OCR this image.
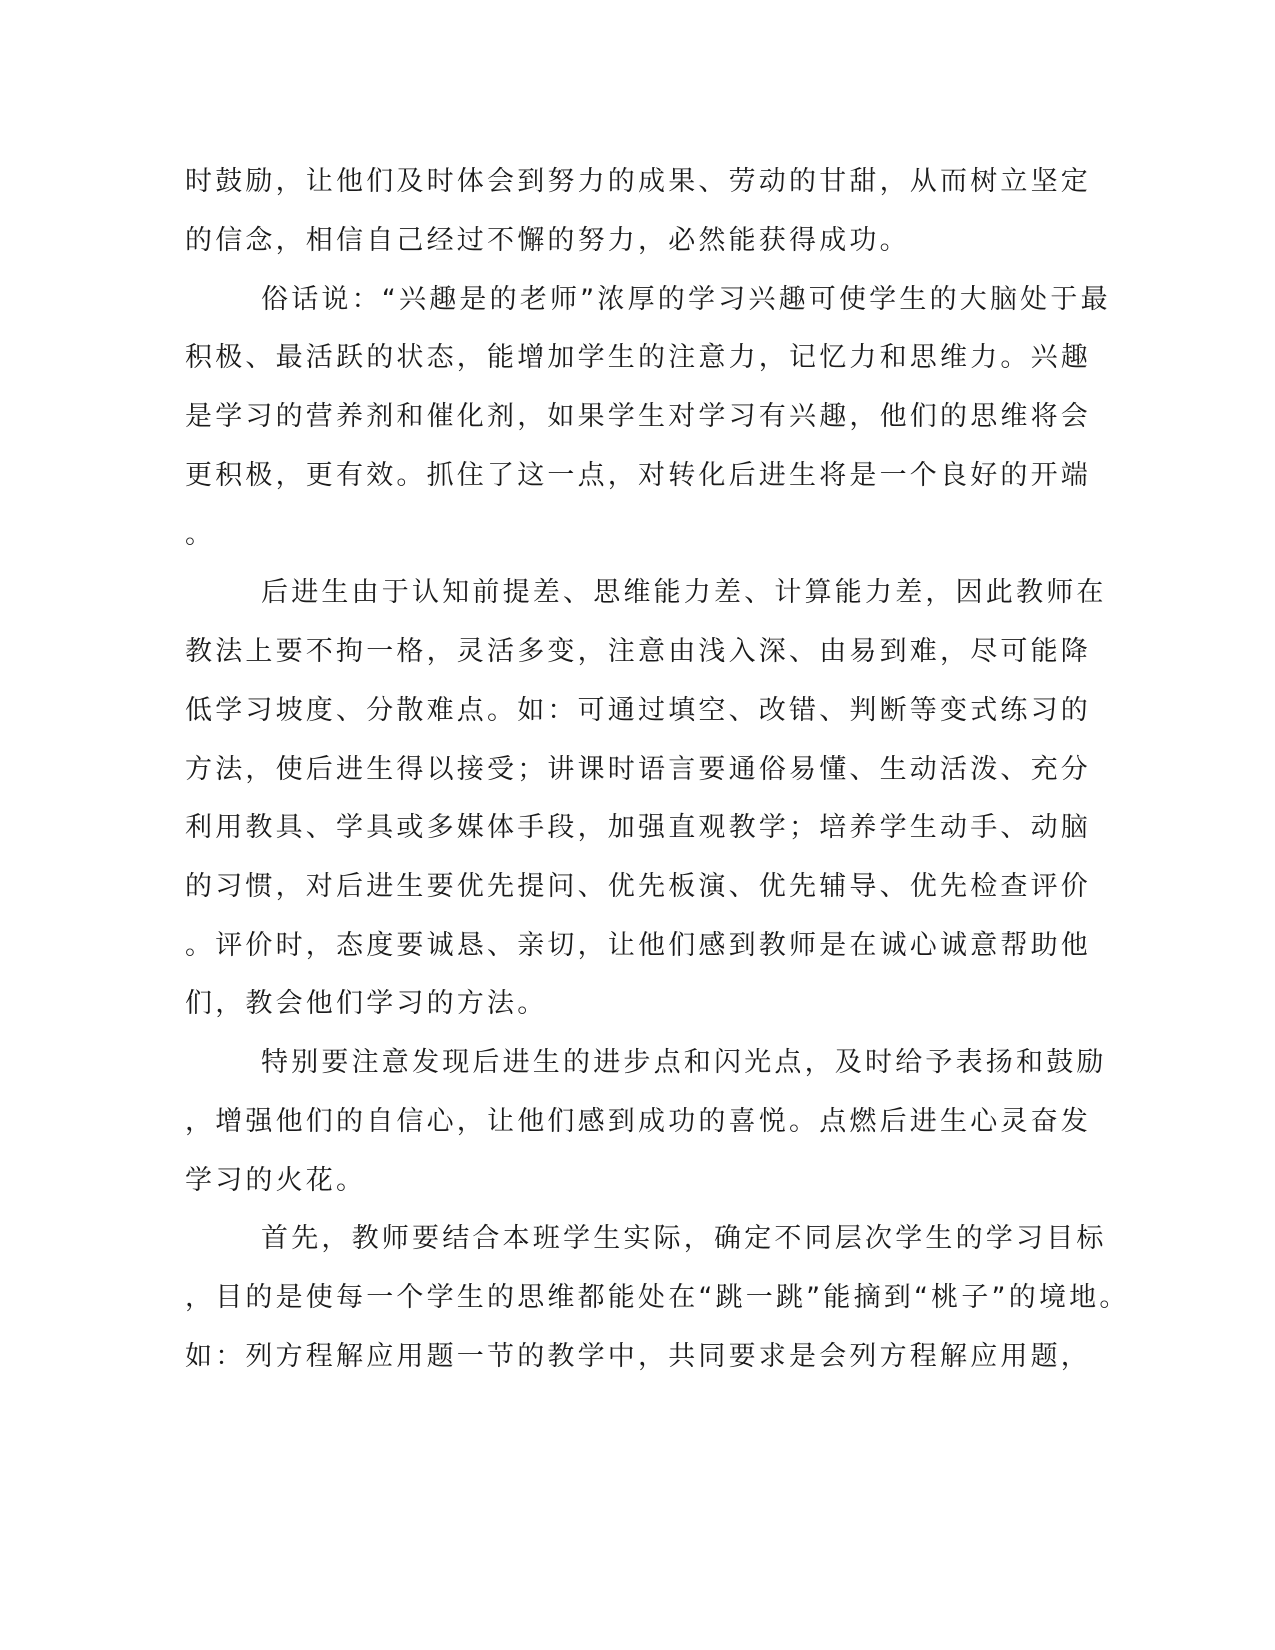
时鼓励，让他们及时体会到努力的成果、劳动的甘甜，从而树立坚定
的信念，相信自己经过不懈的努力，必然能获得成功。
俗话说：“兴趣是的老师”浓厚的学习兴趣可使学生的大脑处于最
积极、最活跃的状态，能增加学生的注意力，记忆力和思维力。兴趣
是学习的营养剂和催化剂，如果学生对学习有兴趣，他们的思维将会
更积极，更有效。抓住了这一点，对转化后进生将是一个良好的开端
。
后进生由于认知前提差、思维能力差、计算能力差，因此教师在
教法上要不拘一格，灵活多变，注意由浅入深、由易到难，尽可能降
低学习坡度、分散难点。如：可通过填空、改错、判断等变式练习的
方法，使后进生得以接受；讲课时语言要通俗易懂、生动活泼、充分
利用教具、学具或多媒体手段，加强直观教学；培养学生动手、动脑
的习惯，对后进生要优先提问、优先板演、优先辅导、优先检查评价
。评价时，态度要诚恳、亲切，让他们感到教师是在诚心诚意帮助他
们，教会他们学习的方法。
特别要注意发现后进生的进步点和闪光点，及时给予表扬和鼓励
，增强他们的自信心，让他们感到成功的喜悦。点燃后进生心灵奋发
学习的火花。
首先，教师要结合本班学生实际，确定不同层次学生的学习目标
，目的是使每一个学生的思维都能处在“跳一跳”能摘到“桃子”的境地。
如：列方程解应用题一节的教学中，共同要求是会列方程解应用题，
